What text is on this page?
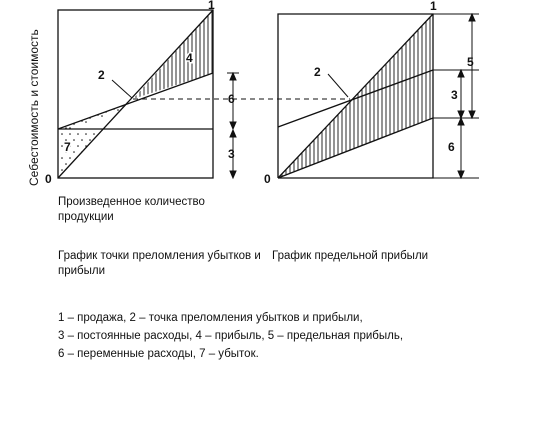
Себестоимость и стоимость 0
1
2
4
6
3
7
0
1
2
5
3
6

Произведенное количество продукции

График точки преломления убытков и прибыли

График предельной прибыли

1 – продажа, 2 – точка преломления убытков и прибыли,
3 – постоянные расходы, 4 – прибыль, 5 – предельная прибыль,
6 – переменные расходы, 7 – убыток.
